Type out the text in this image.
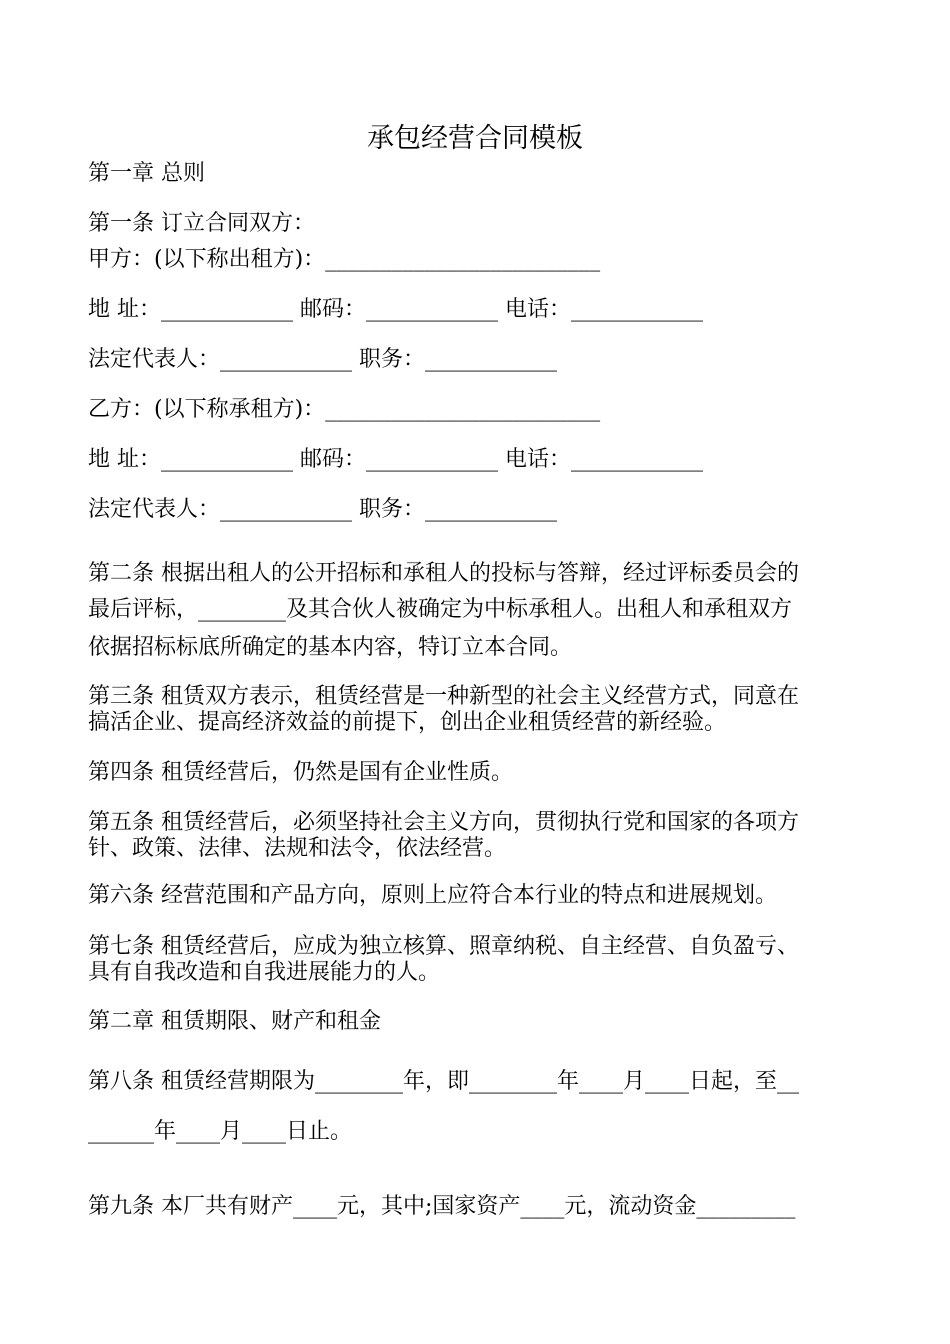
承包经营合同模板
第一章 总则
第一条 订立合同双方：
甲方：(以下称出租方)：_________________________
地 址：____________ 邮码：____________ 电话：____________
法定代表人：____________ 职务：____________
乙方：(以下称承租方)：_________________________
地 址：____________ 邮码：____________ 电话：____________
法定代表人：____________ 职务：____________
第二条 根据出租人的公开招标和承租人的投标与答辩，经过评标委员会的
最后评标，________及其合伙人被确定为中标承租人。出租人和承租双方
依据招标标底所确定的基本内容，特订立本合同。
第三条 租赁双方表示，租赁经营是一种新型的社会主义经营方式，同意在
搞活企业、提高经济效益的前提下，创出企业租赁经营的新经验。
第四条 租赁经营后，仍然是国有企业性质。
第五条 租赁经营后，必须坚持社会主义方向，贯彻执行党和国家的各项方
针、政策、法律、法规和法令，依法经营。
第六条 经营范围和产品方向，原则上应符合本行业的特点和进展规划。
第七条 租赁经营后，应成为独立核算、照章纳税、自主经营、自负盈亏、
具有自我改造和自我进展能力的人。
第二章 租赁期限、财产和租金
第八条 租赁经营期限为________年，即________年____月____日起，至__
______年____月____日止。
第九条 本厂共有财产____元，其中;国家资产____元，流动资金_________
